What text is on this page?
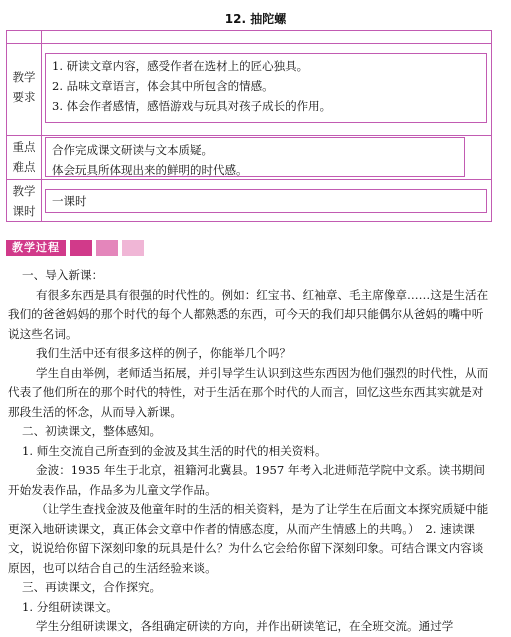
12. 抽陀螺
教学
要求
1. 研读文章内容，感受作者在选材上的匠心独具。
2. 品味文章语言，体会其中所包含的情感。
3. 体会作者感情，感悟游戏与玩具对孩子成长的作用。
重点
难点
合作完成课文研读与文本质疑。
体会玩具所体现出来的鲜明的时代感。
教学
课时
一课时
教学过程

一、导入新课：

有很多东西是具有很强的时代性的。例如：红宝书、红袖章、毛主席像章……这是生活在我们的爸爸妈妈的那个时代的每个人都熟悉的东西，可今天的我们却只能偶尔从爸妈的嘴中听说这些名词。

我们生活中还有很多这样的例子，你能举几个吗？

学生自由举例，老师适当拓展，并引导学生认识到这些东西因为他们强烈的时代性，从而代表了他们所在的那个时代的特性，对于生活在那个时代的人而言，回忆这些东西其实就是对那段生活的怀念，从而导入新课。

二、初读课文，整体感知。

1. 师生交流自己所查到的金波及其生活的时代的相关资料。

金波：1935 年生于北京，祖籍河北冀县。1957 年考入北进师范学院中文系。读书期间开始发表作品，作品多为儿童文学作品。

（让学生查找金波及他童年时的生活的相关资料，是为了让学生在后面文本探究质疑中能更深入地研读课文，真正体会文章中作者的情感态度，从而产生情感上的共鸣。）　2. 速读课文，说说给你留下深刻印象的玩具是什么？为什么它会给你留下深刻印象。可结合课文内容谈原因，也可以结合自己的生活经验来谈。

三、再读课文，合作探究。

1. 分组研读课文。

学生分组研读课文，各组确定研读的方向，并作出研读笔记，在全班交流。通过学
